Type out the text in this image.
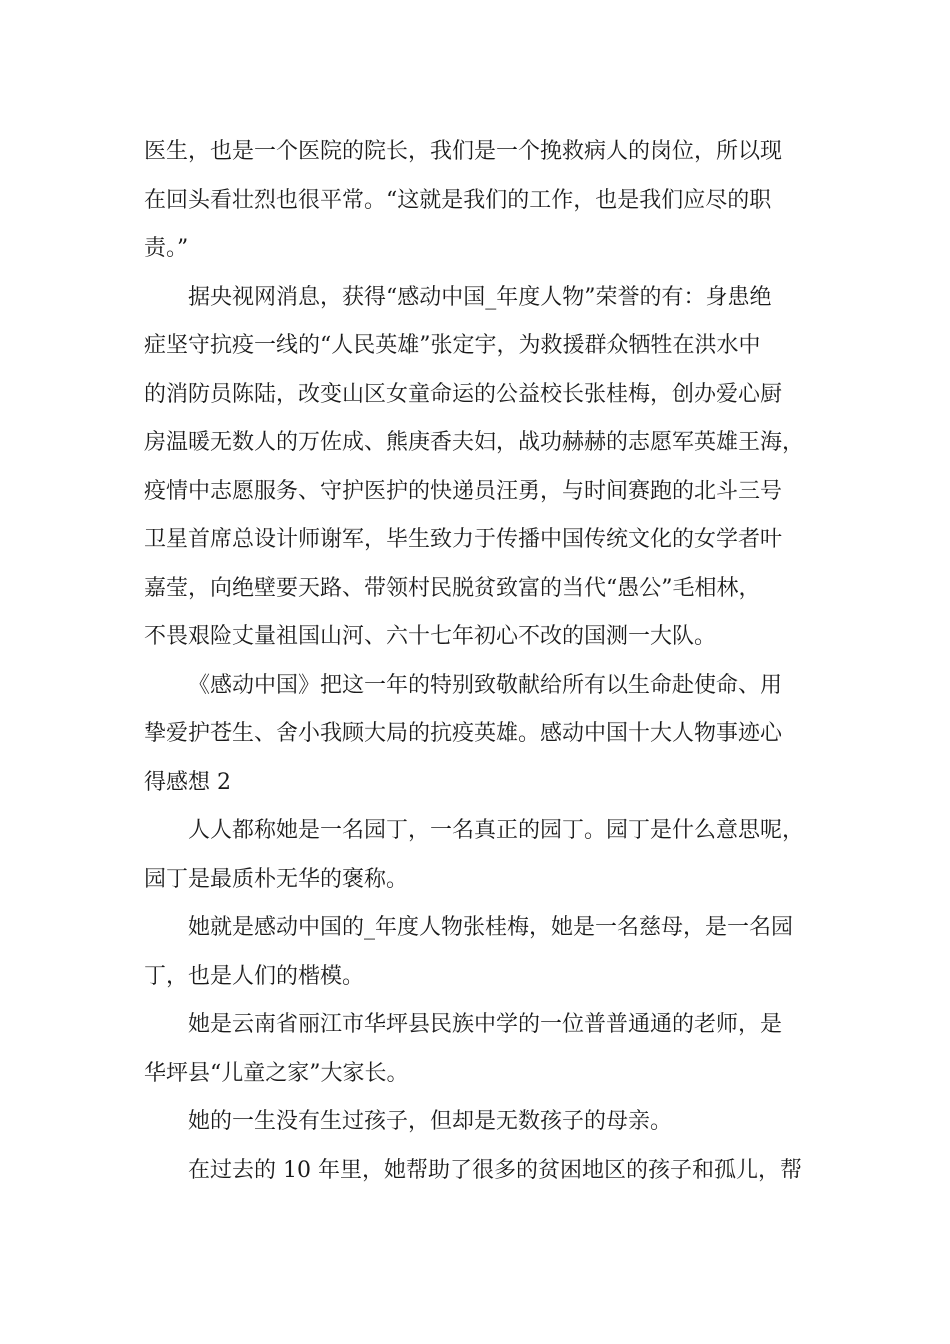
医生，也是一个医院的院长，我们是一个挽救病人的岗位，所以现
在回头看壮烈也很平常。“这就是我们的工作，也是我们应尽的职
责。”
据央视网消息，获得“感动中国_年度人物”荣誉的有：身患绝
症坚守抗疫一线的“人民英雄”张定宇，为救援群众牺牲在洪水中
的消防员陈陆，改变山区女童命运的公益校长张桂梅，创办爱心厨
房温暖无数人的万佐成、熊庚香夫妇，战功赫赫的志愿军英雄王海，
疫情中志愿服务、守护医护的快递员汪勇，与时间赛跑的北斗三号
卫星首席总设计师谢军，毕生致力于传播中国传统文化的女学者叶
嘉莹，向绝壁要天路、带领村民脱贫致富的当代“愚公”毛相林，
不畏艰险丈量祖国山河、六十七年初心不改的国测一大队。
《感动中国》把这一年的特别致敬献给所有以生命赴使命、用
挚爱护苍生、舍小我顾大局的抗疫英雄。感动中国十大人物事迹心
得感想 2
人人都称她是一名园丁，一名真正的园丁。园丁是什么意思呢，
园丁是最质朴无华的褒称。
她就是感动中国的_年度人物张桂梅，她是一名慈母，是一名园
丁，也是人们的楷模。
她是云南省丽江市华坪县民族中学的一位普普通通的老师，是
华坪县“儿童之家”大家长。
她的一生没有生过孩子，但却是无数孩子的母亲。
在过去的 10 年里，她帮助了很多的贫困地区的孩子和孤儿，帮
